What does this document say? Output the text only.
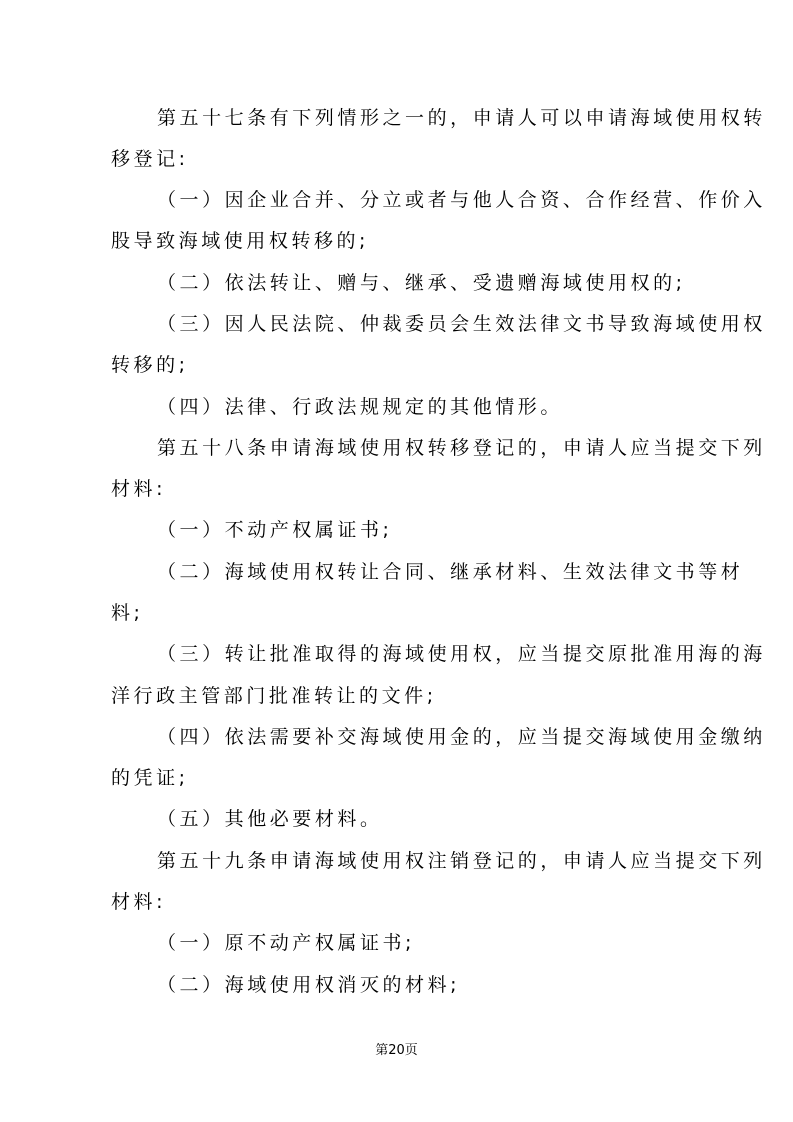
第五十七条有下列情形之一的，申请人可以申请海域使用权转
移登记:
（一）因企业合并、分立或者与他人合资、合作经营、作价入
股导致海域使用权转移的;
（二）依法转让、赠与、继承、受遗赠海域使用权的;
（三）因人民法院、仲裁委员会生效法律文书导致海域使用权
转移的;
（四）法律、行政法规规定的其他情形。
第五十八条申请海域使用权转移登记的，申请人应当提交下列
材料:
（一）不动产权属证书;
（二）海域使用权转让合同、继承材料、生效法律文书等材
料;
（三）转让批准取得的海域使用权，应当提交原批准用海的海
洋行政主管部门批准转让的文件;
（四）依法需要补交海域使用金的，应当提交海域使用金缴纳
的凭证;
（五）其他必要材料。
第五十九条申请海域使用权注销登记的，申请人应当提交下列
材料:
（一）原不动产权属证书;
（二）海域使用权消灭的材料;
第20页
